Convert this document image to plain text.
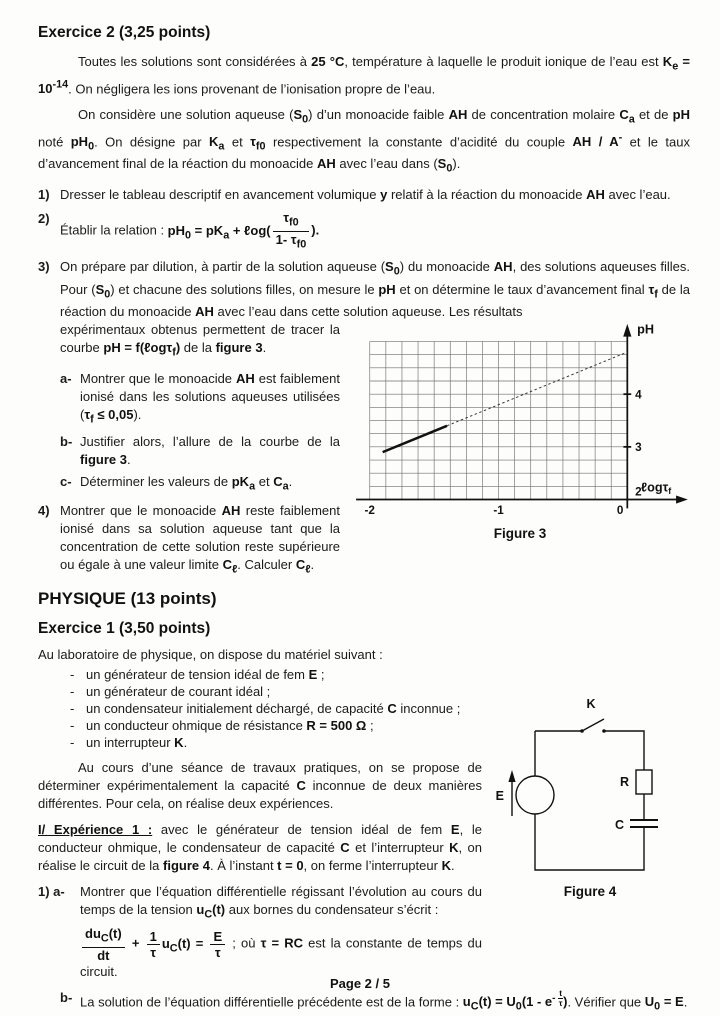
Exercice 2 (3,25 points)

Toutes les solutions sont considérées à 25 °C, température à laquelle le produit ionique de l’eau est $K_e = 10^{-14}$. On négligera les ions provenant de l’ionisation propre de l’eau.

On considère une solution aqueuse $(S_0)$ d’un monoacide faible AH de concentration molaire $C_a$ et de pH noté $pH_0$. On désigne par $K_a$ et $\tau_{f0}$ respectivement la constante d’acidité du couple AH / A- et le taux d’avancement final de la réaction du monoacide AH avec l’eau dans $(S_0)$.

1) Dresser le tableau descriptif en avancement volumique y relatif à la réaction du monoacide AH avec l’eau.
2)
Établir la relation : $pH_0 = pK_a$ + ℓog( $\frac{\tau_{f0}}{1- \tau_{f0}}$ ).
3) On prépare par dilution, à partir de la solution aqueuse $(S_0)$ du monoacide AH, des solutions aqueuses filles. Pour $(S_0)$ et chacune des solutions filles, on mesure le pH et on détermine le taux d’avancement final $\tau_f$ de la réaction du monoacide AH avec l’eau dans cette solution aqueuse. Les résultats
-2	-1	0
2
3
4
pH
ℓogτf
Figure 3
expérimentaux obtenus permettent de tracer la courbe pH = f(ℓogτ$_f$) de la figure 3.
a- Montrer que le monoacide AH est faiblement ionisé dans les solutions aqueuses utilisées $(\tau_f \le 0,05)$.
b- Justifier alors, l’allure de la courbe de la figure 3.
c- Déterminer les valeurs de $pK_a$ et $C_a$.
4) Montrer que le monoacide AH reste faiblement ionisé dans sa solution aqueuse tant que la concentration de cette solution reste supérieure ou égale à une valeur limite $C_\ell$. Calculer $C_\ell$.
PHYSIQUE (13 points)
Exercice 1 (3,50 points)
Au laboratoire de physique, on dispose du matériel suivant :
K
E
R
C
Figure 4
- un générateur de tension idéal de fem E ;
- un générateur de courant idéal ;
- un condensateur initialement déchargé, de capacité C inconnue ;
- un conducteur ohmique de résistance R = 500 Ω ;
- un interrupteur K.

Au cours d’une séance de travaux pratiques, on se propose de déterminer expérimentalement la capacité C inconnue de deux manières différentes. Pour cela, on réalise deux expériences.

I/ Expérience 1 : avec le générateur de tension idéal de fem E, le conducteur ohmique, le condensateur de capacité C et l’interrupteur K, on réalise le circuit de la figure 4. À l’instant t = 0, on ferme l’interrupteur K.
1) a-	Montrer que l’équation différentielle régissant l’évolution au cours du temps de la tension $u_C(t)$ aux bornes du condensateur s’écrit :
$\frac{du_C(t)}{dt} + \frac{1}{\tau} u_C(t) = \frac{E}{\tau}$ ; où τ = RC est la constante de temps du circuit.
b- La solution de l’équation différentielle précédente est de la forme : $u_C(t) = U_0(1 - e^{- \frac{t}{\tau}}$ ). Vérifier que $U_0 = E$.
Page 2 / 5
